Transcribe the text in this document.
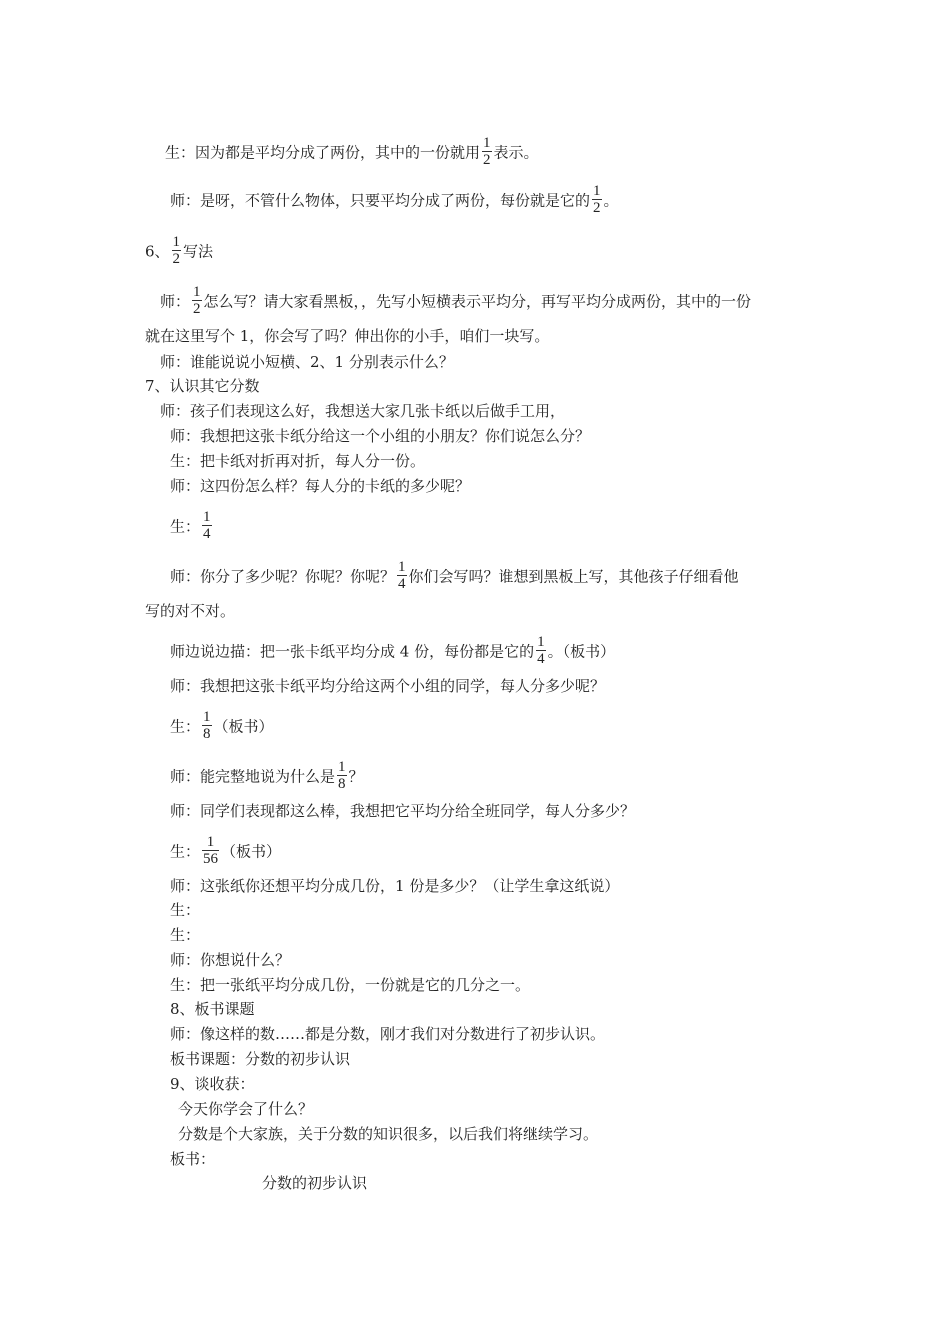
生：因为都是平均分成了两份，其中的一份就用 $\frac{1}{2}$ 表示。
师：是呀，不管什么物体，只要平均分成了两份，每份就是它的 $\frac{1}{2}$ 。
6、 $\frac{1}{2}$ 写法
师： $\frac{1}{2}$ 怎么写？请大家看黑板，，先写小短横表示平均分，再写平均分成两份，其中的一份
就在这里写个 1，你会写了吗？伸出你的小手，咱们一块写。
师：谁能说说小短横、2、1 分别表示什么？
7、认识其它分数
师：孩子们表现这么好，我想送大家几张卡纸以后做手工用，
师：我想把这张卡纸分给这一个小组的小朋友？你们说怎么分？
生：把卡纸对折再对折，每人分一份。
师：这四份怎么样？每人分的卡纸的多少呢？
生： $\frac{1}{4}$
师：你分了多少呢？你呢？你呢？ $\frac{1}{4}$ 你们会写吗？谁想到黑板上写，其他孩子仔细看他
写的对不对。
师边说边描：把一张卡纸平均分成 4 份，每份都是它的 $\frac{1}{4}$ 。（板书）
师：我想把这张卡纸平均分给这两个小组的同学，每人分多少呢？
生： $\frac{1}{8}$ （板书）
师：能完整地说为什么是 $\frac{1}{8}$ ？
师：同学们表现都这么棒，我想把它平均分给全班同学，每人分多少？
生： $\frac{1}{56}$ （板书）
师：这张纸你还想平均分成几份，1 份是多少？（让学生拿这纸说）
生：
生：
师：你想说什么？
生：把一张纸平均分成几份，一份就是它的几分之一。
8、板书课题
师：像这样的数……都是分数，刚才我们对分数进行了初步认识。
板书课题：分数的初步认识
9、谈收获：
今天你学会了什么？
分数是个大家族，关于分数的知识很多，以后我们将继续学习。
板书：
分数的初步认识
